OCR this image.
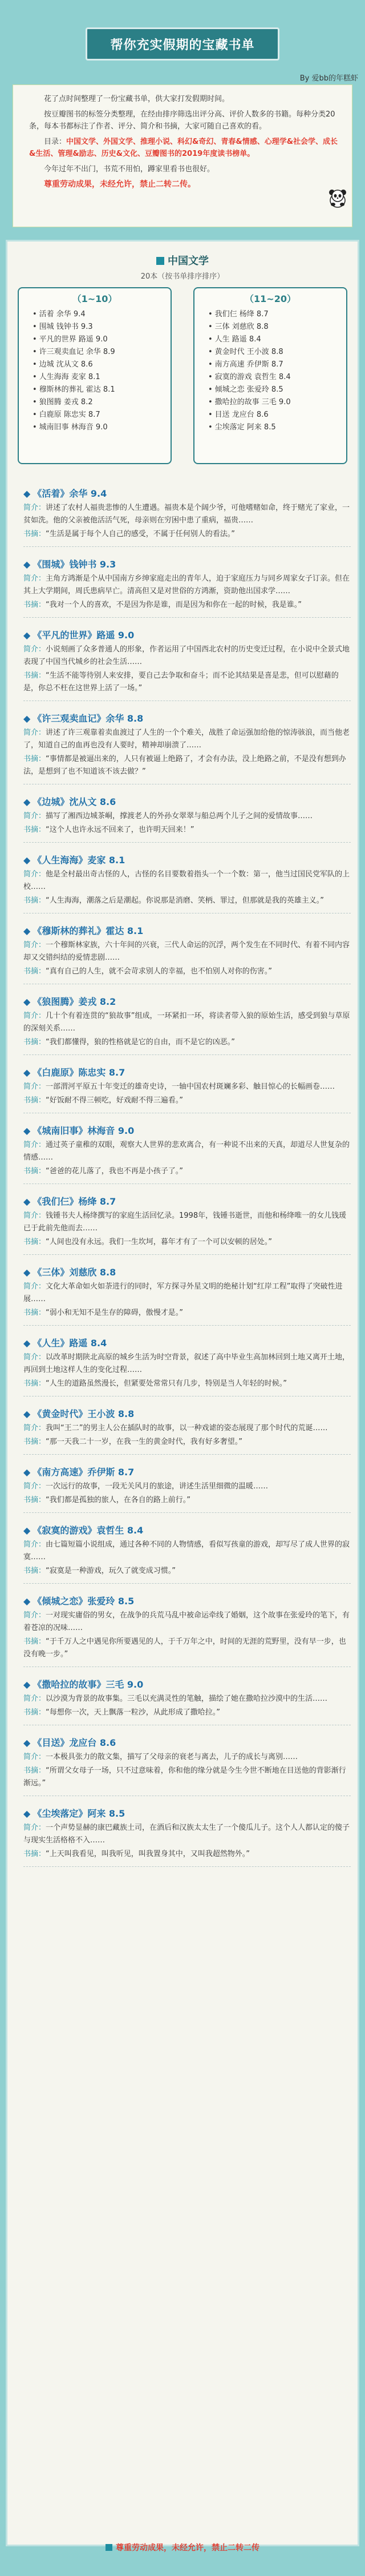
帮你充实假期的宝藏书单
By 爱bb的年糕虾

花了点时间整理了一份宝藏书单，供大家打发假期时间。

按豆瓣图书的标签分类整理，在经由排序筛选出评分高、评价人数多的书籍。每种分类20条，每本书都标注了作者、评分、简介和书摘，大家可随自己喜欢的看。

目录：中国文学、外国文学、推理小说、科幻&奇幻、青春&情感、心理学&社会学、成长&生活、管理&励志、历史&文化、豆瓣图书的2019年度读书榜单。

今年过年不出门，书荒不用怕，蹲家里看书也很好。

尊重劳动成果，未经允许，禁止二转二传。

中国文学
20本（按书单排序排序）
（1~10）
• 活着 余华 9.4
• 围城 钱钟书 9.3
• 平凡的世界 路遥 9.0
• 许三观卖血记 余华 8.9
• 边城 沈从文 8.6
• 人生海海 麦家 8.1
• 穆斯林的葬礼 霍达 8.1
• 狼图腾 姜戎 8.2
• 白鹿原 陈忠实 8.7
• 城南旧事 林海音 9.0
（11~20）
• 我们仨 杨绛 8.7
• 三体 刘慈欣 8.8
• 人生 路遥 8.4
• 黄金时代 王小波 8.8
• 南方高速 乔伊斯 8.7
• 寂寞的游戏 袁哲生 8.4
• 倾城之恋 张爱玲 8.5
• 撒哈拉的故事 三毛 9.0
• 目送 龙应台 8.6
• 尘埃落定 阿来 8.5
◆ 《活着》余华 9.4

简介：讲述了农村人福贵悲惨的人生遭遇。福贵本是个阔少爷，可他嗜赌如命，终于赌光了家业，一贫如洗。他的父亲被他活活气死，母亲则在穷困中患了重病，福贵……

书摘：“生活是属于每个人自己的感受，不属于任何别人的看法。”

◆ 《围城》钱钟书 9.3

简介：主角方鸿渐是个从中国南方乡绅家庭走出的青年人，迫于家庭压力与同乡周家女子订亲。但在其上大学期间，周氏患病早亡。清高但又是对世俗的方鸿渐，资助他出国求学……

书摘：“我对一个人的喜欢，不是因为你是谁，而是因为和你在一起的时候，我是谁。”

◆ 《平凡的世界》路遥 9.0

简介：小说刻画了众多普通人的形象，作者运用了中国西北农村的历史变迁过程，在小说中全景式地表现了中国当代城乡的社会生活……

书摘：“生活不能等待别人来安排，要自己去争取和奋斗；而不论其结果是喜是悲，但可以慰藉的是，你总不枉在这世界上活了一场。”

◆ 《许三观卖血记》余华 8.8

简介：讲述了许三观靠着卖血渡过了人生的一个个难关，战胜了命运强加给他的惊涛骇浪，而当他老了，知道自己的血再也没有人要时，精神却崩溃了……

书摘：“事情都是被逼出来的，人只有被逼上绝路了，才会有办法，没上绝路之前，不是没有想到办法，是想到了也不知道该不该去做？”

◆ 《边城》沈从文 8.6

简介：描写了湘西边城茶峒，撑渡老人的外孙女翠翠与船总两个儿子之间的爱情故事……

书摘：“这个人也许永远不回来了，也许明天回来！”

◆ 《人生海海》麦家 8.1

简介：他是全村最出奇古怪的人，古怪的名目要数着指头一个一个数：第一，他当过国民党军队的上校……

书摘：“人生海海，潮落之后是潮起。你说那是消磨、笑柄、罪过，但那就是我的英雄主义。”

◆ 《穆斯林的葬礼》霍达 8.1

简介：一个穆斯林家族，六十年间的兴衰，三代人命运的沉浮，两个发生在不同时代、有着不同内容却又交错纠结的爱情悲剧……

书摘：“真有自己的人生，就不会苛求别人的幸福，也不怕别人对你的伤害。”

◆ 《狼图腾》姜戎 8.2

简介：几十个有着连贯的“狼故事”组成，一环紧扣一环，将读者带入狼的原始生活，感受到狼与草原的深刻关系……

书摘：“我们都懂得，狼的性格就是它的自由，而不是它的凶恶。”

◆ 《白鹿原》陈忠实 8.7

简介：一部渭河平原五十年变迁的雄奇史诗，一轴中国农村斑斓多彩、触目惊心的长幅画卷……

书摘：“好饭耐不得三顿吃，好戏耐不得三遍看。”

◆ 《城南旧事》林海音 9.0

简介：通过英子童稚的双眼，观察大人世界的悲欢离合，有一种说不出来的天真，却道尽人世复杂的情感……

书摘：“爸爸的花儿落了，我也不再是小孩子了。”

◆ 《我们仨》杨绛 8.7

简介：钱锺书夫人杨绛撰写的家庭生活回忆录。1998年，钱锺书逝世，而他和杨绛唯一的女儿钱瑗已于此前先他而去……

书摘：“人间也没有永远。我们一生坎坷，暮年才有了一个可以安顿的居处。”

◆ 《三体》刘慈欣 8.8

简介：文化大革命如火如荼进行的同时，军方探寻外星文明的绝秘计划“红岸工程”取得了突破性进展……

书摘：“弱小和无知不是生存的障碍，傲慢才是。”

◆ 《人生》路遥 8.4

简介：以改革时期陕北高原的城乡生活为时空背景，叙述了高中毕业生高加林回到土地又离开土地，再回到土地这样人生的变化过程……

书摘：“人生的道路虽然漫长，但紧要处常常只有几步，特别是当人年轻的时候。”

◆ 《黄金时代》王小波 8.8

简介：我叫“王二”的男主人公在插队时的故事，以一种戏谑的姿态展现了那个时代的荒诞……

书摘：“那一天我二十一岁，在我一生的黄金时代，我有好多奢望。”

◆ 《南方高速》乔伊斯 8.7

简介：一次远行的故事，一段无关风月的旅途，讲述生活里细微的温暖……

书摘：“我们都是孤独的旅人，在各自的路上前行。”

◆ 《寂寞的游戏》袁哲生 8.4

简介：由七篇短篇小说组成，通过各种不同的人物情感，看似写孩童的游戏，却写尽了成人世界的寂寞……

书摘：“寂寞是一种游戏，玩久了就变成习惯。”

◆ 《倾城之恋》张爱玲 8.5

简介：一对现实庸俗的男女，在战争的兵荒马乱中被命运牵线了婚姻，这个故事在张爱玲的笔下，有着苍凉的况味……

书摘：“于千万人之中遇见你所要遇见的人，于千万年之中，时间的无涯的荒野里，没有早一步，也没有晚一步。”

◆ 《撒哈拉的故事》三毛 9.0

简介：以沙漠为背景的故事集。三毛以充满灵性的笔触，描绘了她在撒哈拉沙漠中的生活……

书摘：“每想你一次，天上飘落一粒沙，从此形成了撒哈拉。”

◆ 《目送》龙应台 8.6

简介：一本极具张力的散文集，描写了父母亲的衰老与离去，儿子的成长与离别……

书摘：“所谓父女母子一场，只不过意味着，你和他的缘分就是今生今世不断地在目送他的背影渐行渐远。”

◆ 《尘埃落定》阿来 8.5

简介：一个声势显赫的康巴藏族土司，在酒后和汉族太太生了一个傻瓜儿子。这个人人都认定的傻子与现实生活格格不入……

书摘：“上天叫我看见，叫我听见，叫我置身其中，又叫我超然物外。”

尊重劳动成果，未经允许，禁止二转二传
